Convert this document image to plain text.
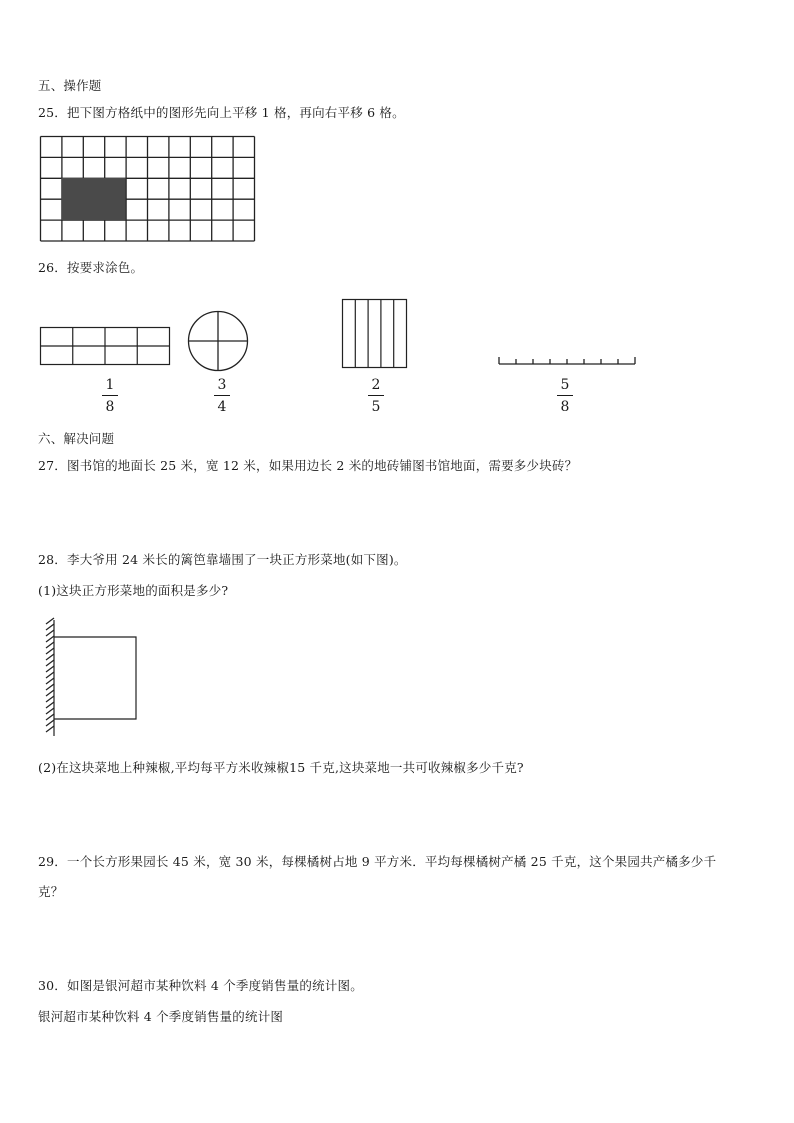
五、操作题
25．把下图方格纸中的图形先向上平移 1 格，再向右平移 6 格。
26．按要求涂色。
1
8
3
4
2
5
5
8
六、解决问题
27．图书馆的地面长 25 米，宽 12 米，如果用边长 2 米的地砖铺图书馆地面，需要多少块砖？
28．李大爷用 24 米长的篱笆靠墙围了一块正方形菜地(如下图)。
(1)这块正方形菜地的面积是多少?
(2)在这块菜地上种辣椒,平均每平方米收辣椒15 千克,这块菜地一共可收辣椒多少千克?
29．一个长方形果园长 45 米，宽 30 米，每棵橘树占地 9 平方米．平均每棵橘树产橘 25 千克，这个果园共产橘多少千
克？
30．如图是银河超市某种饮料 4 个季度销售量的统计图。
银河超市某种饮料 4 个季度销售量的统计图
